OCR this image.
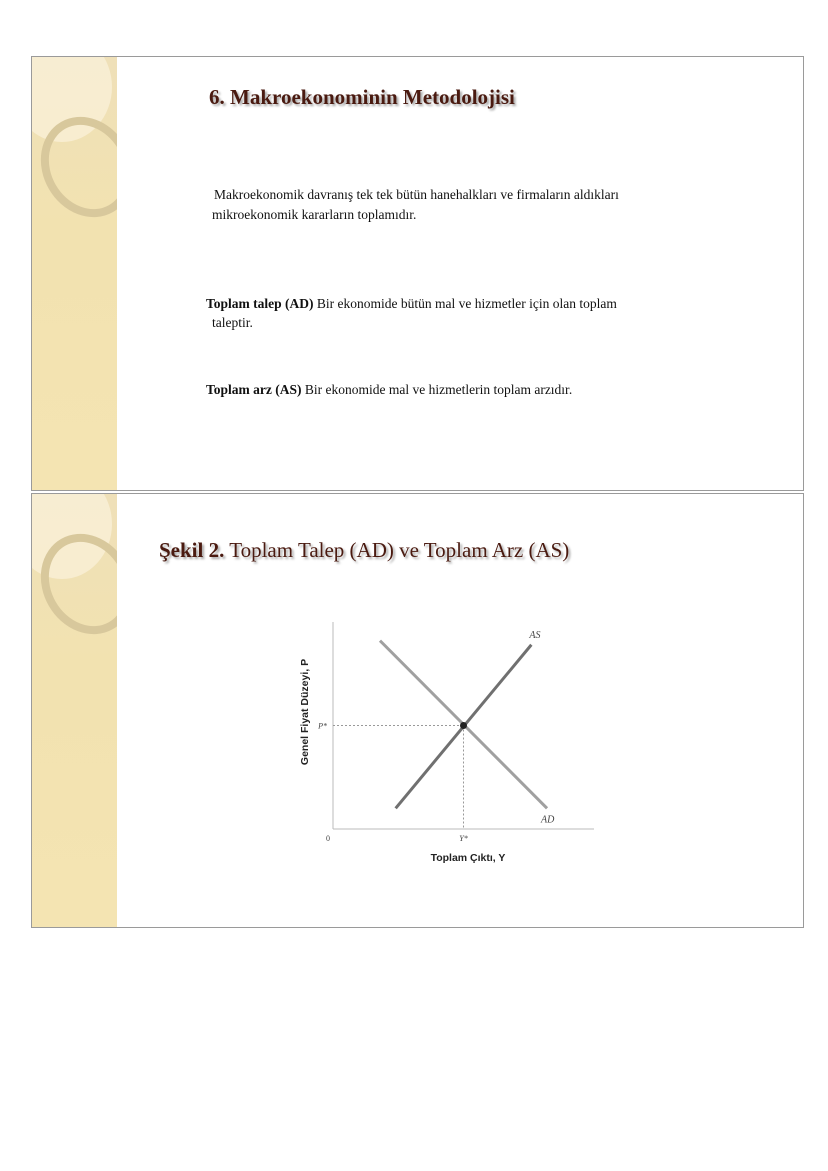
6. Makroekonominin Metodolojisi
Makroekonomik davranış tek tek bütün hanehalkları ve firmaların aldıkları
mikroekonomik kararların toplamıdır.
Toplam talep (AD) Bir ekonomide bütün mal ve hizmetler için olan toplam
taleptir.
Toplam arz (AS) Bir ekonomide mal ve hizmetlerin toplam arzıdır.
Şekil 2. Toplam Talep (AD) ve Toplam Arz (AS)
AD
AS
P*
Y*
0
Toplam Çıktı, Y
Genel Fiyat Düzeyi, P
